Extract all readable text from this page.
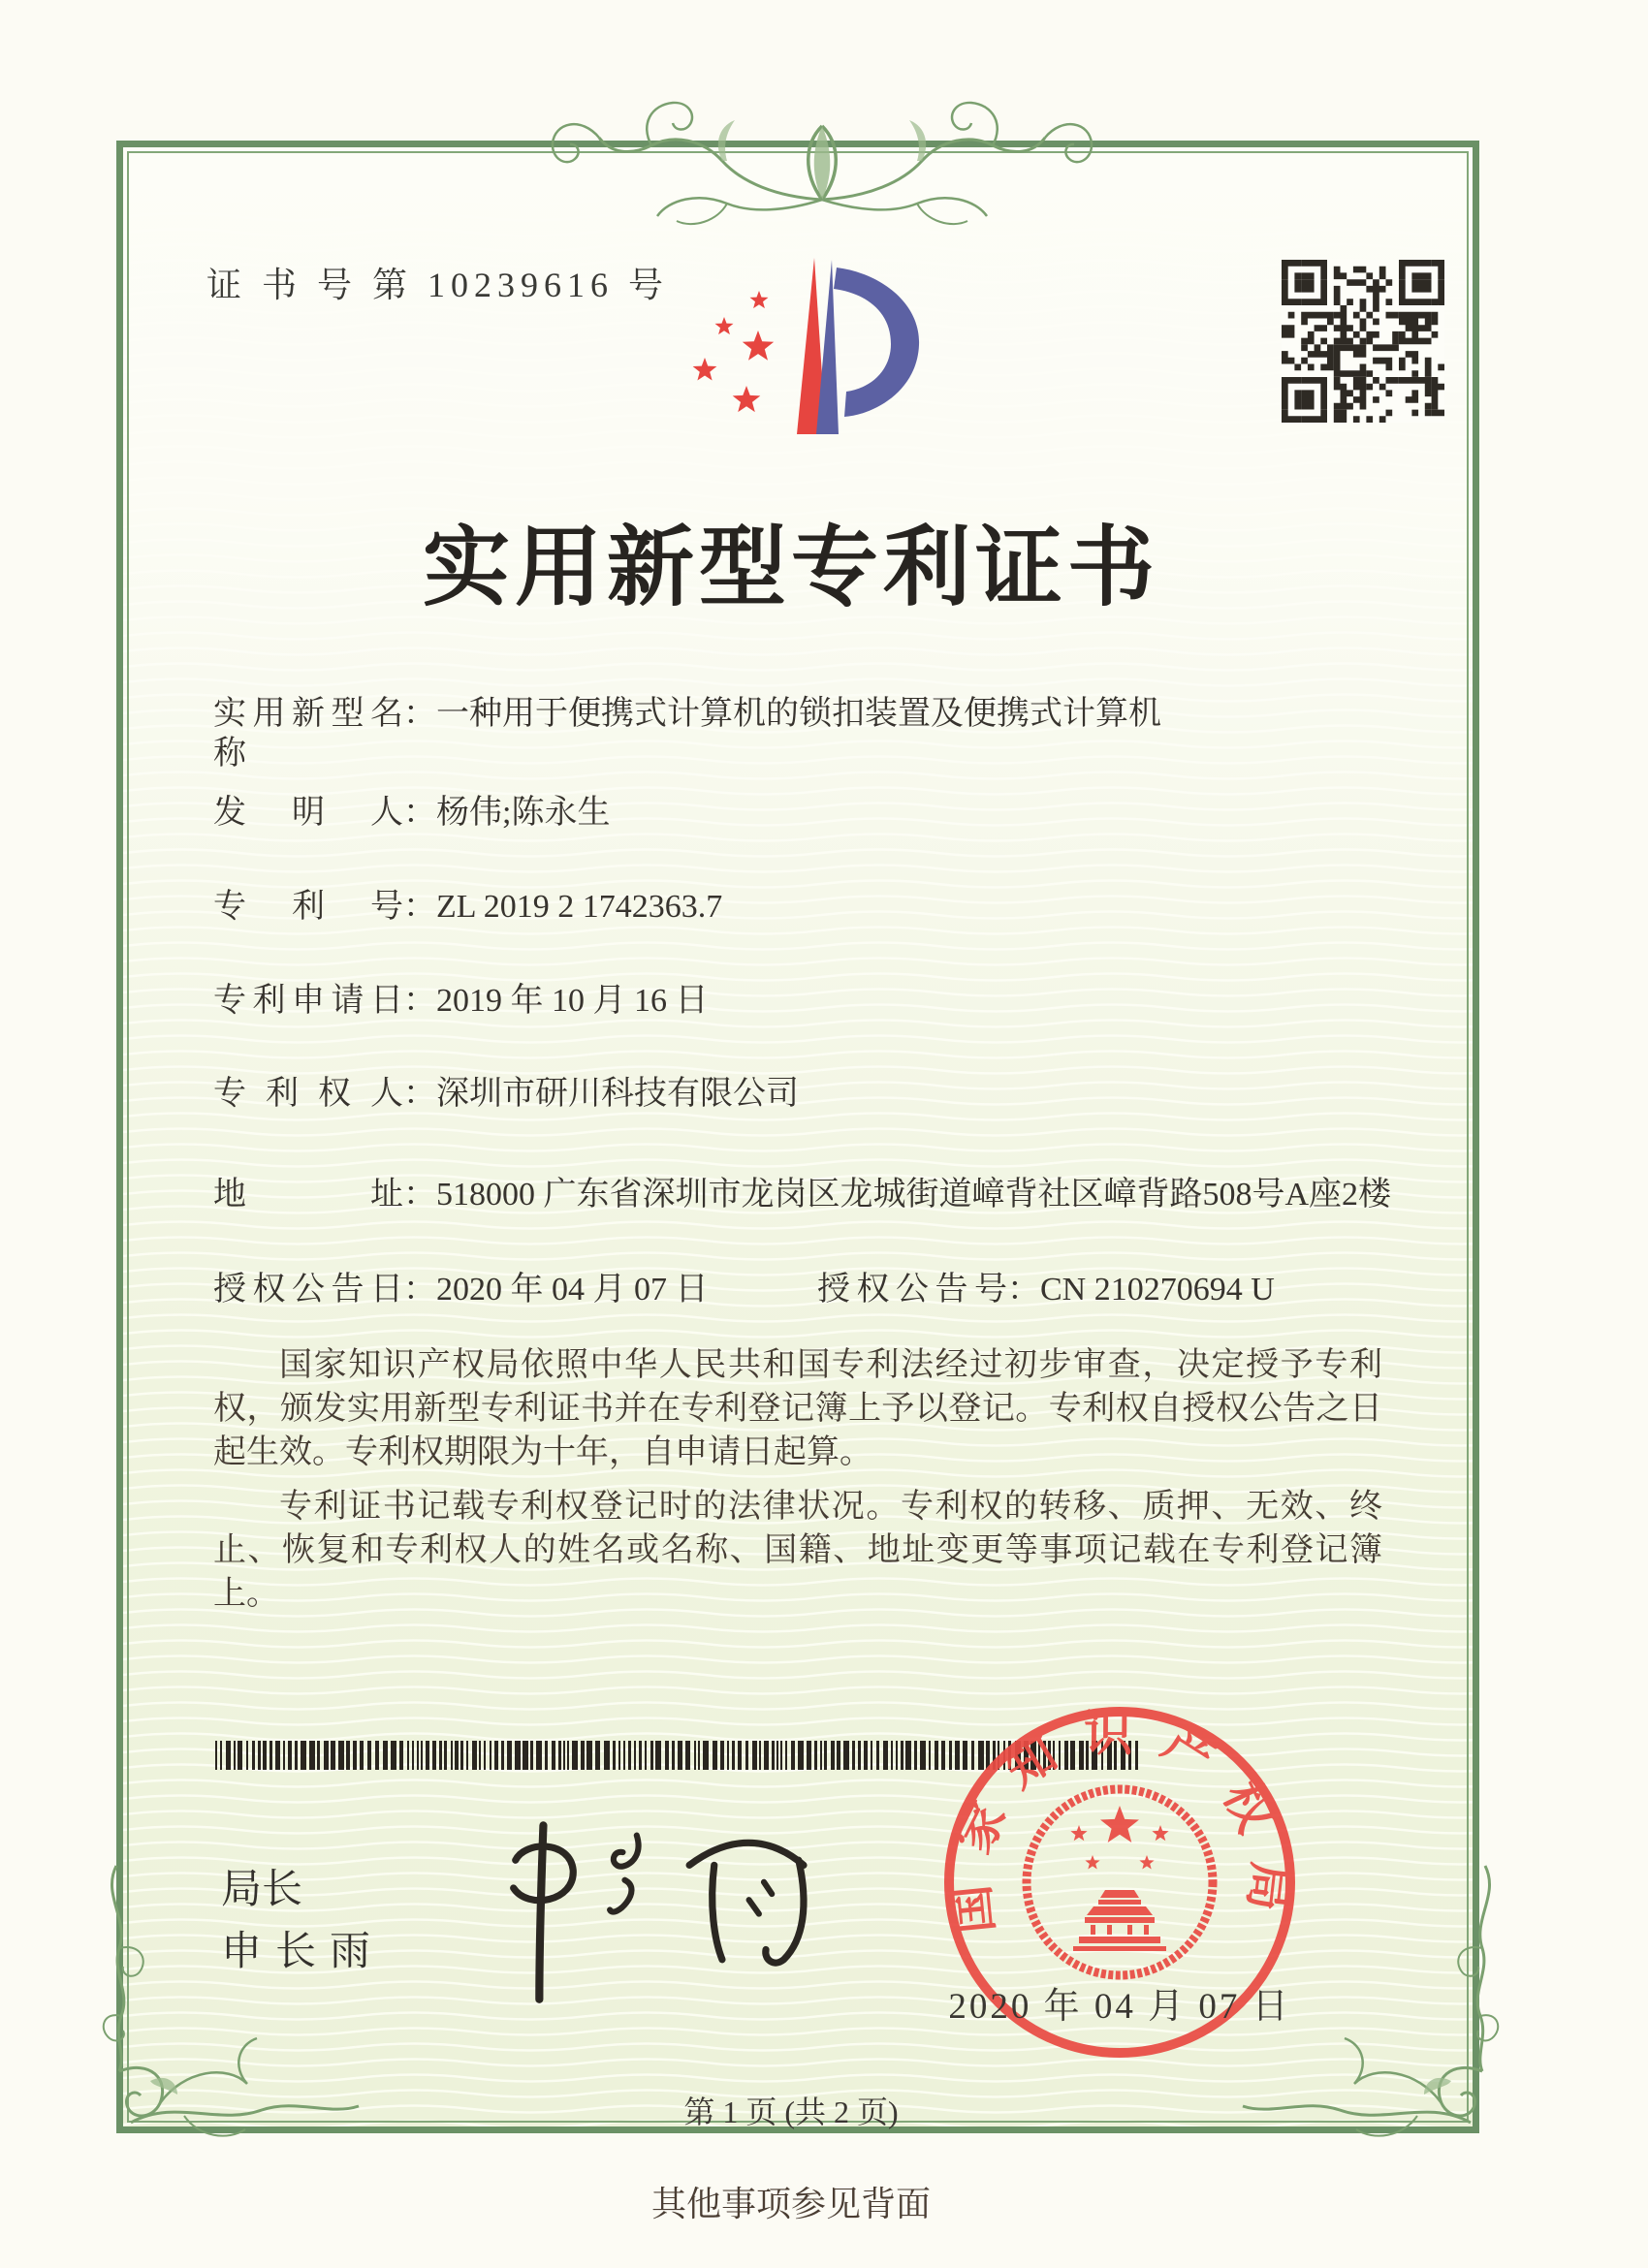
证 书 号 第 10239616 号
实用新型专利证书
实用新型名称：一种用于便携式计算机的锁扣装置及便携式计算机
发明人：杨伟;陈永生
专利号：ZL 2019 2 1742363.7
专利申请日：2019 年 10 月 16 日
专利权人：深圳市研川科技有限公司
地址：518000 广东省深圳市龙岗区龙城街道嶂背社区嶂背路508号A座2楼
授权公告日：2020 年 04 月 07 日	授权公告号：CN 210270694 U

国家知识产权局依照中华人民共和国专利法经过初步审查，决定授予专利权，颁发实用新型专利证书并在专利登记簿上予以登记。专利权自授权公告之日起生效。专利权期限为十年，自申请日起算。

专利证书记载专利权登记时的法律状况。专利权的转移、质押、无效、终止、恢复和专利权人的姓名或名称、国籍、地址变更等事项记载在专利登记簿上。

局长
申长雨
国家知识产权局
2020 年 04 月 07 日
第 1 页 (共 2 页)
其他事项参见背面
